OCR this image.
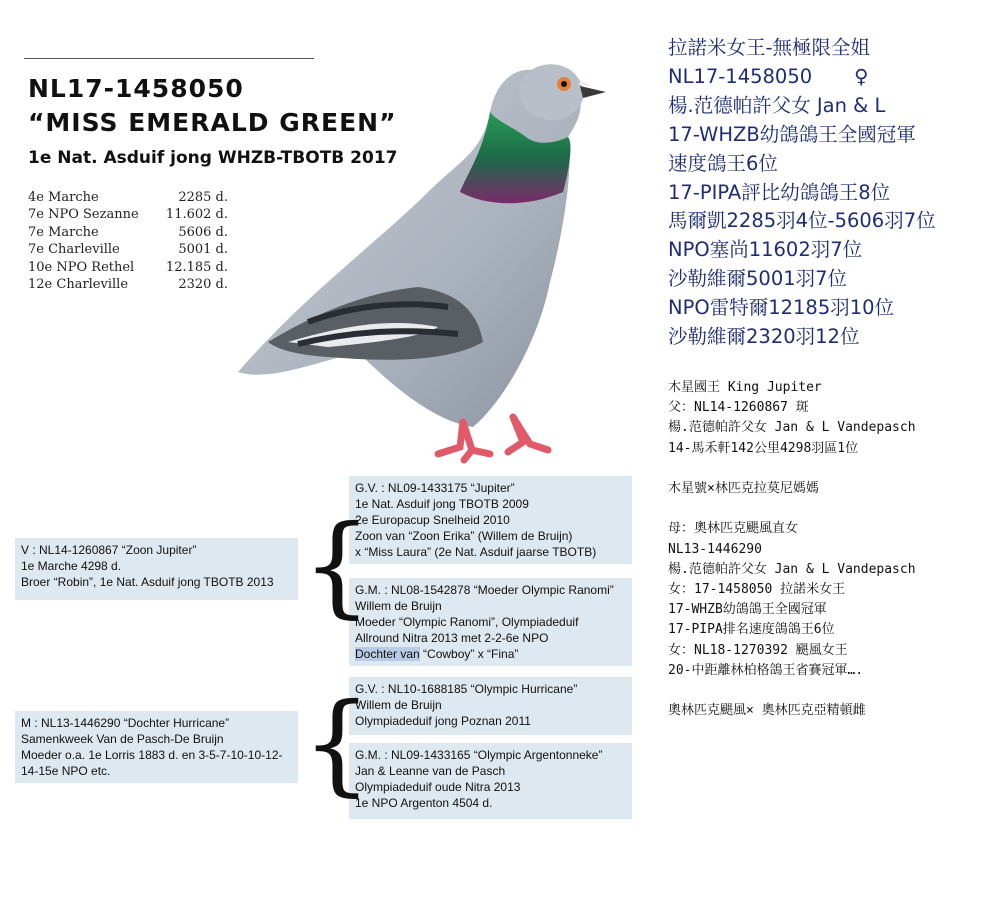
NL17-1458050
“MISS EMERALD GREEN”
1e Nat. Asduif jong WHZB-TBOTB 2017
4e Marche	2285 d.
7e NPO Sezanne 11.602 d.
7e Marche	5606 d.
7e Charleville	5001 d.
10e NPO Rethel 12.185 d.
12e Charleville	2320 d.
G.V. : NL09-1433175 “Jupiter”
1e Nat. Asduif jong TBOTB 2009
2e Europacup Snelheid 2010
Zoon van “Zoon Erika” (Willem de Bruijn)
x “Miss Laura” (2e Nat. Asduif jaarse TBOTB)
G.M. : NL08-1542878 “Moeder Olympic Ranomi”
Willem de Bruijn
Moeder “Olympic Ranomi”, Olympiadeduif
Allround Nitra 2013 met 2-2-6e NPO
Dochter van “Cowboy” x “Fina”
{
V : NL14-1260867 “Zoon Jupiter”
1e Marche 4298 d.
Broer “Robin”, 1e Nat. Asduif jong TBOTB 2013
G.V. : NL10-1688185 “Olympic Hurricane”
Willem de Bruijn
Olympiadeduif jong Poznan 2011
G.M. : NL09-1433165 “Olympic Argentonneke”
Jan & Leanne van de Pasch
Olympiadeduif oude Nitra 2013
1e NPO Argenton 4504 d.
{
M : NL13-1446290 “Dochter Hurricane”
Samenkweek Van de Pasch-De Bruijn
Moeder o.a. 1e Lorris 1883 d. en 3-5-7-10-10-12-
14-15e NPO etc.
拉諾米女王-無極限全姐
NL17-1458050 ♀
楊.范德帕許父女 Jan & L
17-WHZB幼鴿鴿王全國冠軍
速度鴿王6位
17-PIPA評比幼鴿鴿王8位
馬爾凱2285羽4位-5606羽7位
NPO塞尚11602羽7位
沙勒維爾5001羽7位
NPO雷特爾12185羽10位
沙勒維爾2320羽12位
木星國王 King Jupiter
父：NL14-1260867 斑
楊.范德帕許父女 Jan & L Vandepasch
14-馬禾軒142公里4298羽區1位
木星號×林匹克拉莫尼媽媽
母：奧林匹克颶風直女
NL13-1446290
楊.范德帕許父女 Jan & L Vandepasch
女：17-1458050 拉諾米女王
17-WHZB幼鴿鴿王全國冠軍
17-PIPA排名速度鴿鴿王6位
女：NL18-1270392 颶風女王
20-中距離林柏格鴿王省賽冠軍….
奧林匹克颶風× 奧林匹克亞精頓雌
